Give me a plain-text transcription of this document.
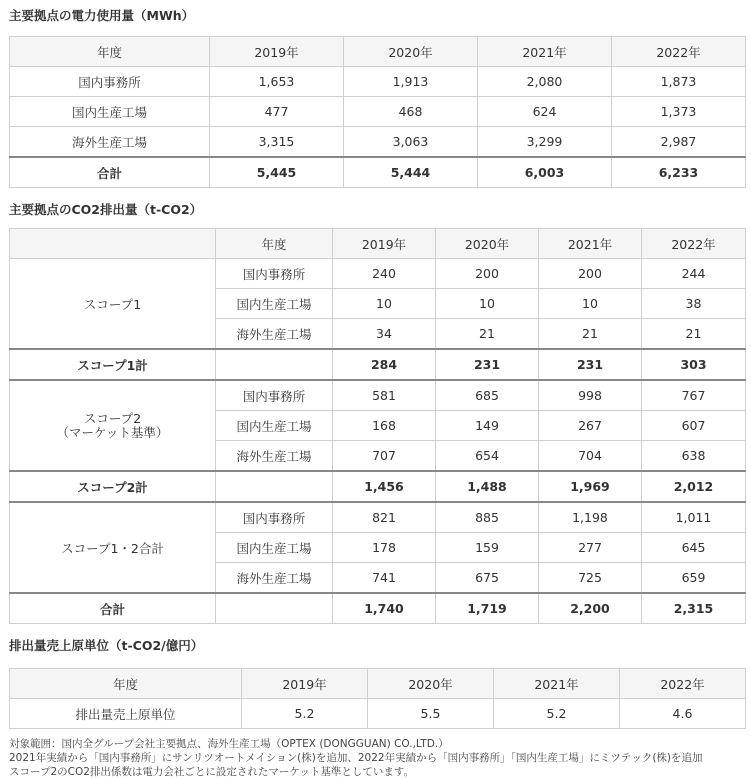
主要拠点の電力使用量（MWh）
年度	2019年	2020年	2021年	2022年
国内事務所	1,653	1,913	2,080	1,873
国内生産工場	477	468	624	1,373
海外生産工場	3,315	3,063	3,299	2,987
合計	5,445	5,444	6,003	6,233
主要拠点のCO2排出量（t-CO2）
	年度	2019年	2020年	2021年	2022年
スコープ1	国内事務所	240	200	200	244
	国内生産工場	10	10	10	38
	海外生産工場	34	21	21	21
スコープ1計		284	231	231	303
スコープ2
（マーケット基準）	国内事務所	581	685	998	767
	国内生産工場	168	149	267	607
	海外生産工場	707	654	704	638
スコープ2計		1,456	1,488	1,969	2,012
スコープ1・2合計	国内事務所	821	885	1,198	1,011
	国内生産工場	178	159	277	645
	海外生産工場	741	675	725	659
合計		1,740	1,719	2,200	2,315
排出量売上原単位（t-CO2/億円）
年度	2019年	2020年	2021年	2022年
排出量売上原単位	5.2	5.5	5.2	4.6
対象範囲：国内全グループ会社主要拠点、海外生産工場（OPTEX (DONGGUAN) CO.,LTD.）
2021年実績から「国内事務所」にサンリツオートメイション(株)を追加、2022年実績から「国内事務所」「国内生産工場」にミツテック(株)を追加
スコープ2のCO2排出係数は電力会社ごとに設定されたマーケット基準としています。
